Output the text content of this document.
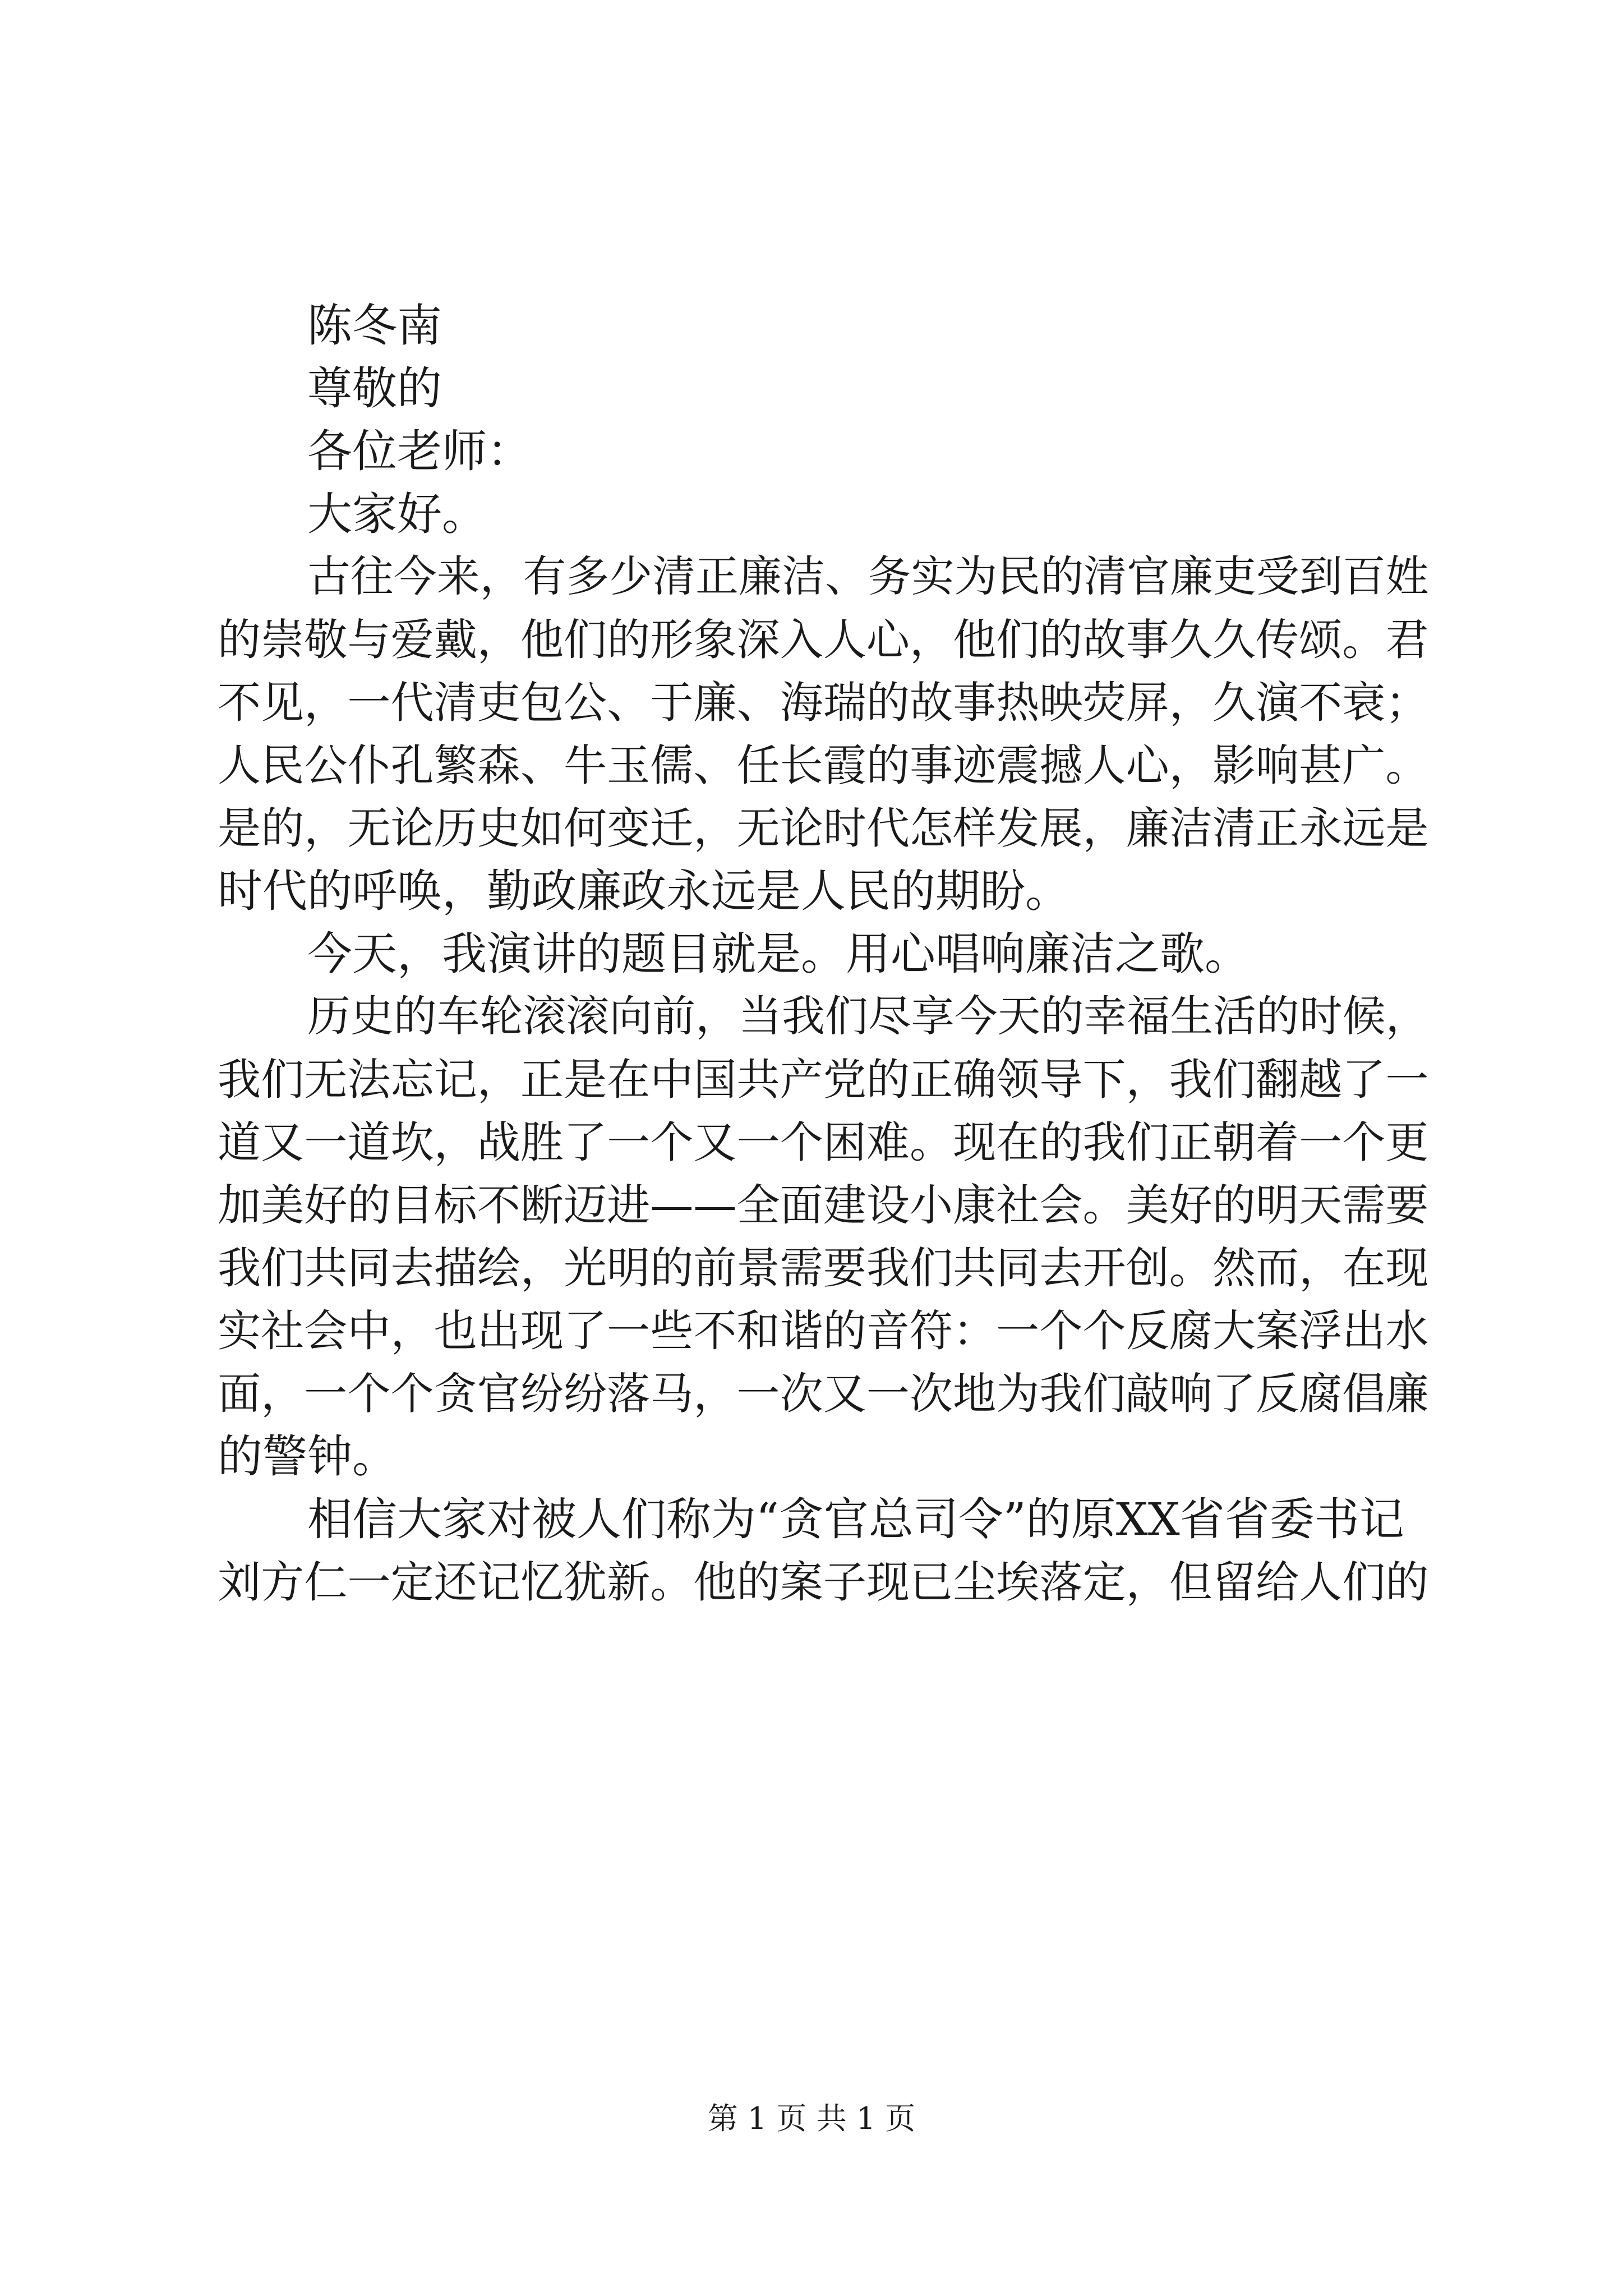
陈冬南
尊敬的
各位老师：
大家好。
古往今来，有多少清正廉洁、务实为民的清官廉吏受到百姓
的崇敬与爱戴，他们的形象深入人心，他们的故事久久传颂。君
不见，一代清吏包公、于廉、海瑞的故事热映荧屏，久演不衰；
人民公仆孔繁森、牛玉儒、任长霞的事迹震撼人心，影响甚广。
是的，无论历史如何变迁，无论时代怎样发展，廉洁清正永远是
时代的呼唤，勤政廉政永远是人民的期盼。
今天，我演讲的题目就是。用心唱响廉洁之歌。
历史的车轮滚滚向前，当我们尽享今天的幸福生活的时候，
我们无法忘记，正是在中国共产党的正确领导下，我们翻越了一
道又一道坎，战胜了一个又一个困难。现在的我们正朝着一个更
加美好的目标不断迈进——全面建设小康社会。美好的明天需要
我们共同去描绘，光明的前景需要我们共同去开创。然而，在现
实社会中，也出现了一些不和谐的音符：一个个反腐大案浮出水
面，一个个贪官纷纷落马，一次又一次地为我们敲响了反腐倡廉
的警钟。
相信大家对被人们称为“贪官总司令”的原XX省省委书记
刘方仁一定还记忆犹新。他的案子现已尘埃落定，但留给人们的
第 1 页 共 1 页
